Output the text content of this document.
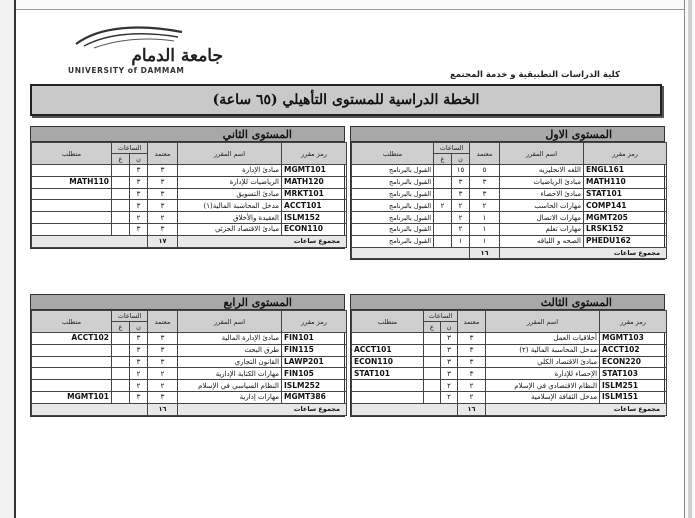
جامعة الدمام
UNIVERSITY of DAMMAM	كلية الدراسات التطبيقية و خدمة المجتمع
الخطة الدراسية للمستوى التأهيلي (٦٥ ساعة)
المستوى الاول
متطلب	الساعات		معتمد	اسم المقرر	رمز مقرر
	ع	ن			
القبول بالبرنامج		١٥	٥	اللغه الانجليزيه	ENGL161
القبول بالبرنامج		٣	٣	مبادئ الرياضيات	MATH110
القبول بالبرنامج		٣	٣	مبادئ الاحصاء	STAT101
القبول بالبرنامج	٢	٢	٢	مهارات الحاسب	COMP141
القبول بالبرنامج		٢	١	مهارات الاتصال	MGMT205
القبول بالبرنامج		٢	١	مهارات تعلم	LRSK152
القبول بالبرنامج		١	١	الصحه و اللياقه	PHEDU162
			١٦	مجموع ساعات	
المستوى الثاني
متطلب	الساعات		معتمد	اسم المقرر	رمز مقرر
	ع	ن			
		٣	٣	مبادئ الإدارة	MGMT101
MATH110		٣	٣	الرياضيات للإدارة	MATH120
		٣	٣	مبادئ التسويق	MRKT101
		٣	٣	مدخل المحاسبة المالية(١)	ACCT101
		٢	٢	العقيدة والأخلاق	ISLM152
		٣	٣	مبادئ الاقتصاد الجزئي	ECON110
			١٧	مجموع ساعات	
المستوى الثالث
متطلب	الساعات		معتمد	اسم المقرر	رمز مقرر
	ع	ن			
		٣	٣	أخلاقيات العمل	MGMT103
ACCT101		٣	٣	مدخل المحاسبة المالية (٢)	ACCT102
ECON110		٣	٣	مبادئ الاقتصاد الكلي	ECON220
STAT101		٣	٣	الإحصاء للإدارة	STAT103
		٢	٢	النظام الاقتصادي في الإسلام	ISLM251
		٢	٢	مدخل الثقافة الإسلامية	ISLM151
			١٦	مجموع ساعات	
المستوى الرابع
متطلب	الساعات		معتمد	اسم المقرر	رمز مقرر
	ع	ن			
ACCT102		٣	٣	مبادئ الإدارة المالية	FIN101
		٣	٣	طرق البحث	FIN115
		٣	٣	القانون التجاري	LAWP201
		٢	٢	مهارات الكتابة الإدارية	FIN105
		٢	٢	النظام السياسي في الإسلام	ISLM252
MGMT101		٣	٣	مهارات إدارية	MGMT386
			١٦	مجموع ساعات	
